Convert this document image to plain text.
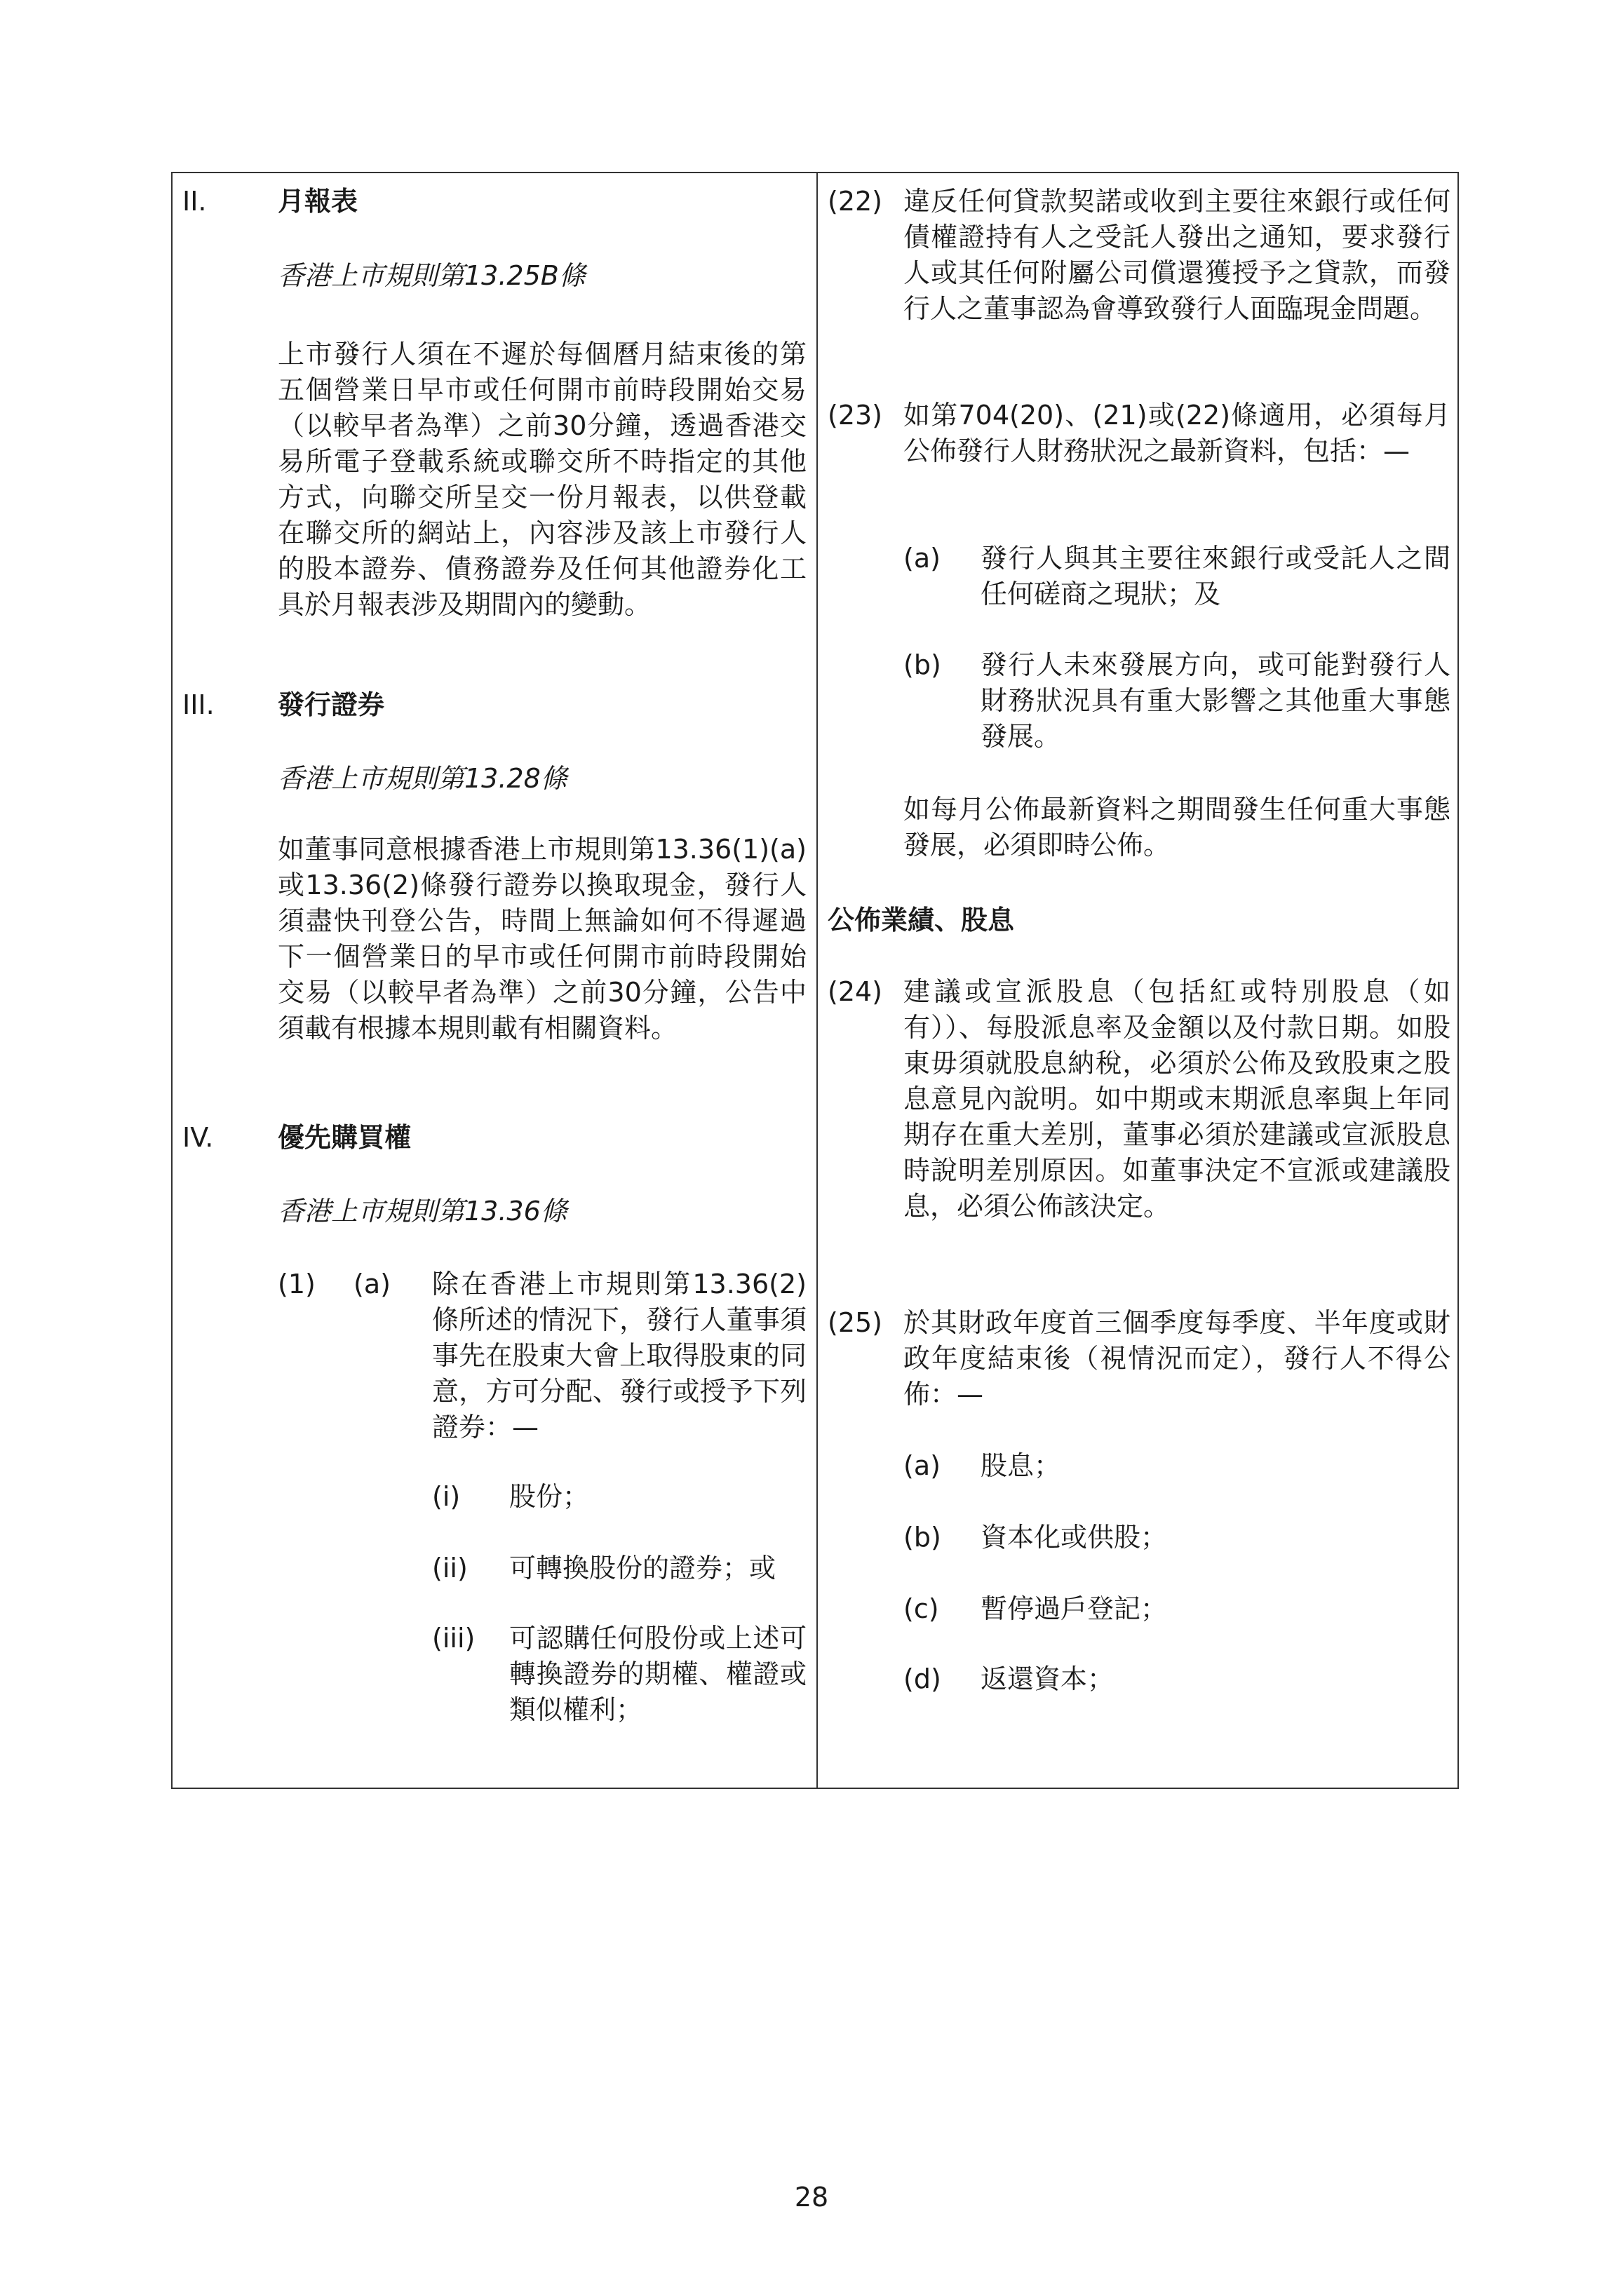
II.	月報表
香港上市規則第13.25B條
上市發行人須在不遲於每個曆月結束後的第五個營業日早市或任何開市前時段開始交易（以較早者為準）之前30分鐘，透過香港交易所電子登載系統或聯交所不時指定的其他方式，向聯交所呈交一份月報表，以供登載在聯交所的網站上，內容涉及該上市發行人的股本證券、債務證券及任何其他證券化工具於月報表涉及期間內的變動。
III. 發行證券
香港上市規則第13.28條
如董事同意根據香港上市規則第13.36(1)(a)或13.36(2)條發行證券以換取現金，發行人須盡快刊登公告，時間上無論如何不得遲過下一個營業日的早市或任何開市前時段開始交易（以較早者為準）之前30分鐘，公告中須載有根據本規則載有相關資料。
IV. 優先購買權
香港上市規則第13.36條
(1) (a) 除在香港上市規則第13.36(2)條所述的情況下，發行人董事須事先在股東大會上取得股東的同意，方可分配、發行或授予下列證券：—
(i) 股份；
(ii) 可轉換股份的證券；或
(iii) 可認購任何股份或上述可轉換證券的期權、權證或類似權利；
(22) 違反任何貸款契諾或收到主要往來銀行或任何債權證持有人之受託人發出之通知，要求發行人或其任何附屬公司償還獲授予之貸款，而發行人之董事認為會導致發行人面臨現金問題。
(23) 如第704(20)、(21)或(22)條適用，必須每月公佈發行人財務狀況之最新資料，包括：—
(a) 發行人與其主要往來銀行或受託人之間任何磋商之現狀；及
(b) 發行人未來發展方向，或可能對發行人財務狀況具有重大影響之其他重大事態發展。
如每月公佈最新資料之期間發生任何重大事態發展，必須即時公佈。
公佈業績、股息
(24) 建議或宣派股息（包括紅或特別股息（如有））、每股派息率及金額以及付款日期。如股東毋須就股息納稅，必須於公佈及致股東之股息意見內說明。如中期或末期派息率與上年同期存在重大差別，董事必須於建議或宣派股息時說明差別原因。如董事決定不宣派或建議股息，必須公佈該決定。
(25) 於其財政年度首三個季度每季度、半年度或財政年度結束後（視情況而定），發行人不得公佈：—
(a) 股息；
(b) 資本化或供股；
(c) 暫停過戶登記；
(d) 返還資本；
28
